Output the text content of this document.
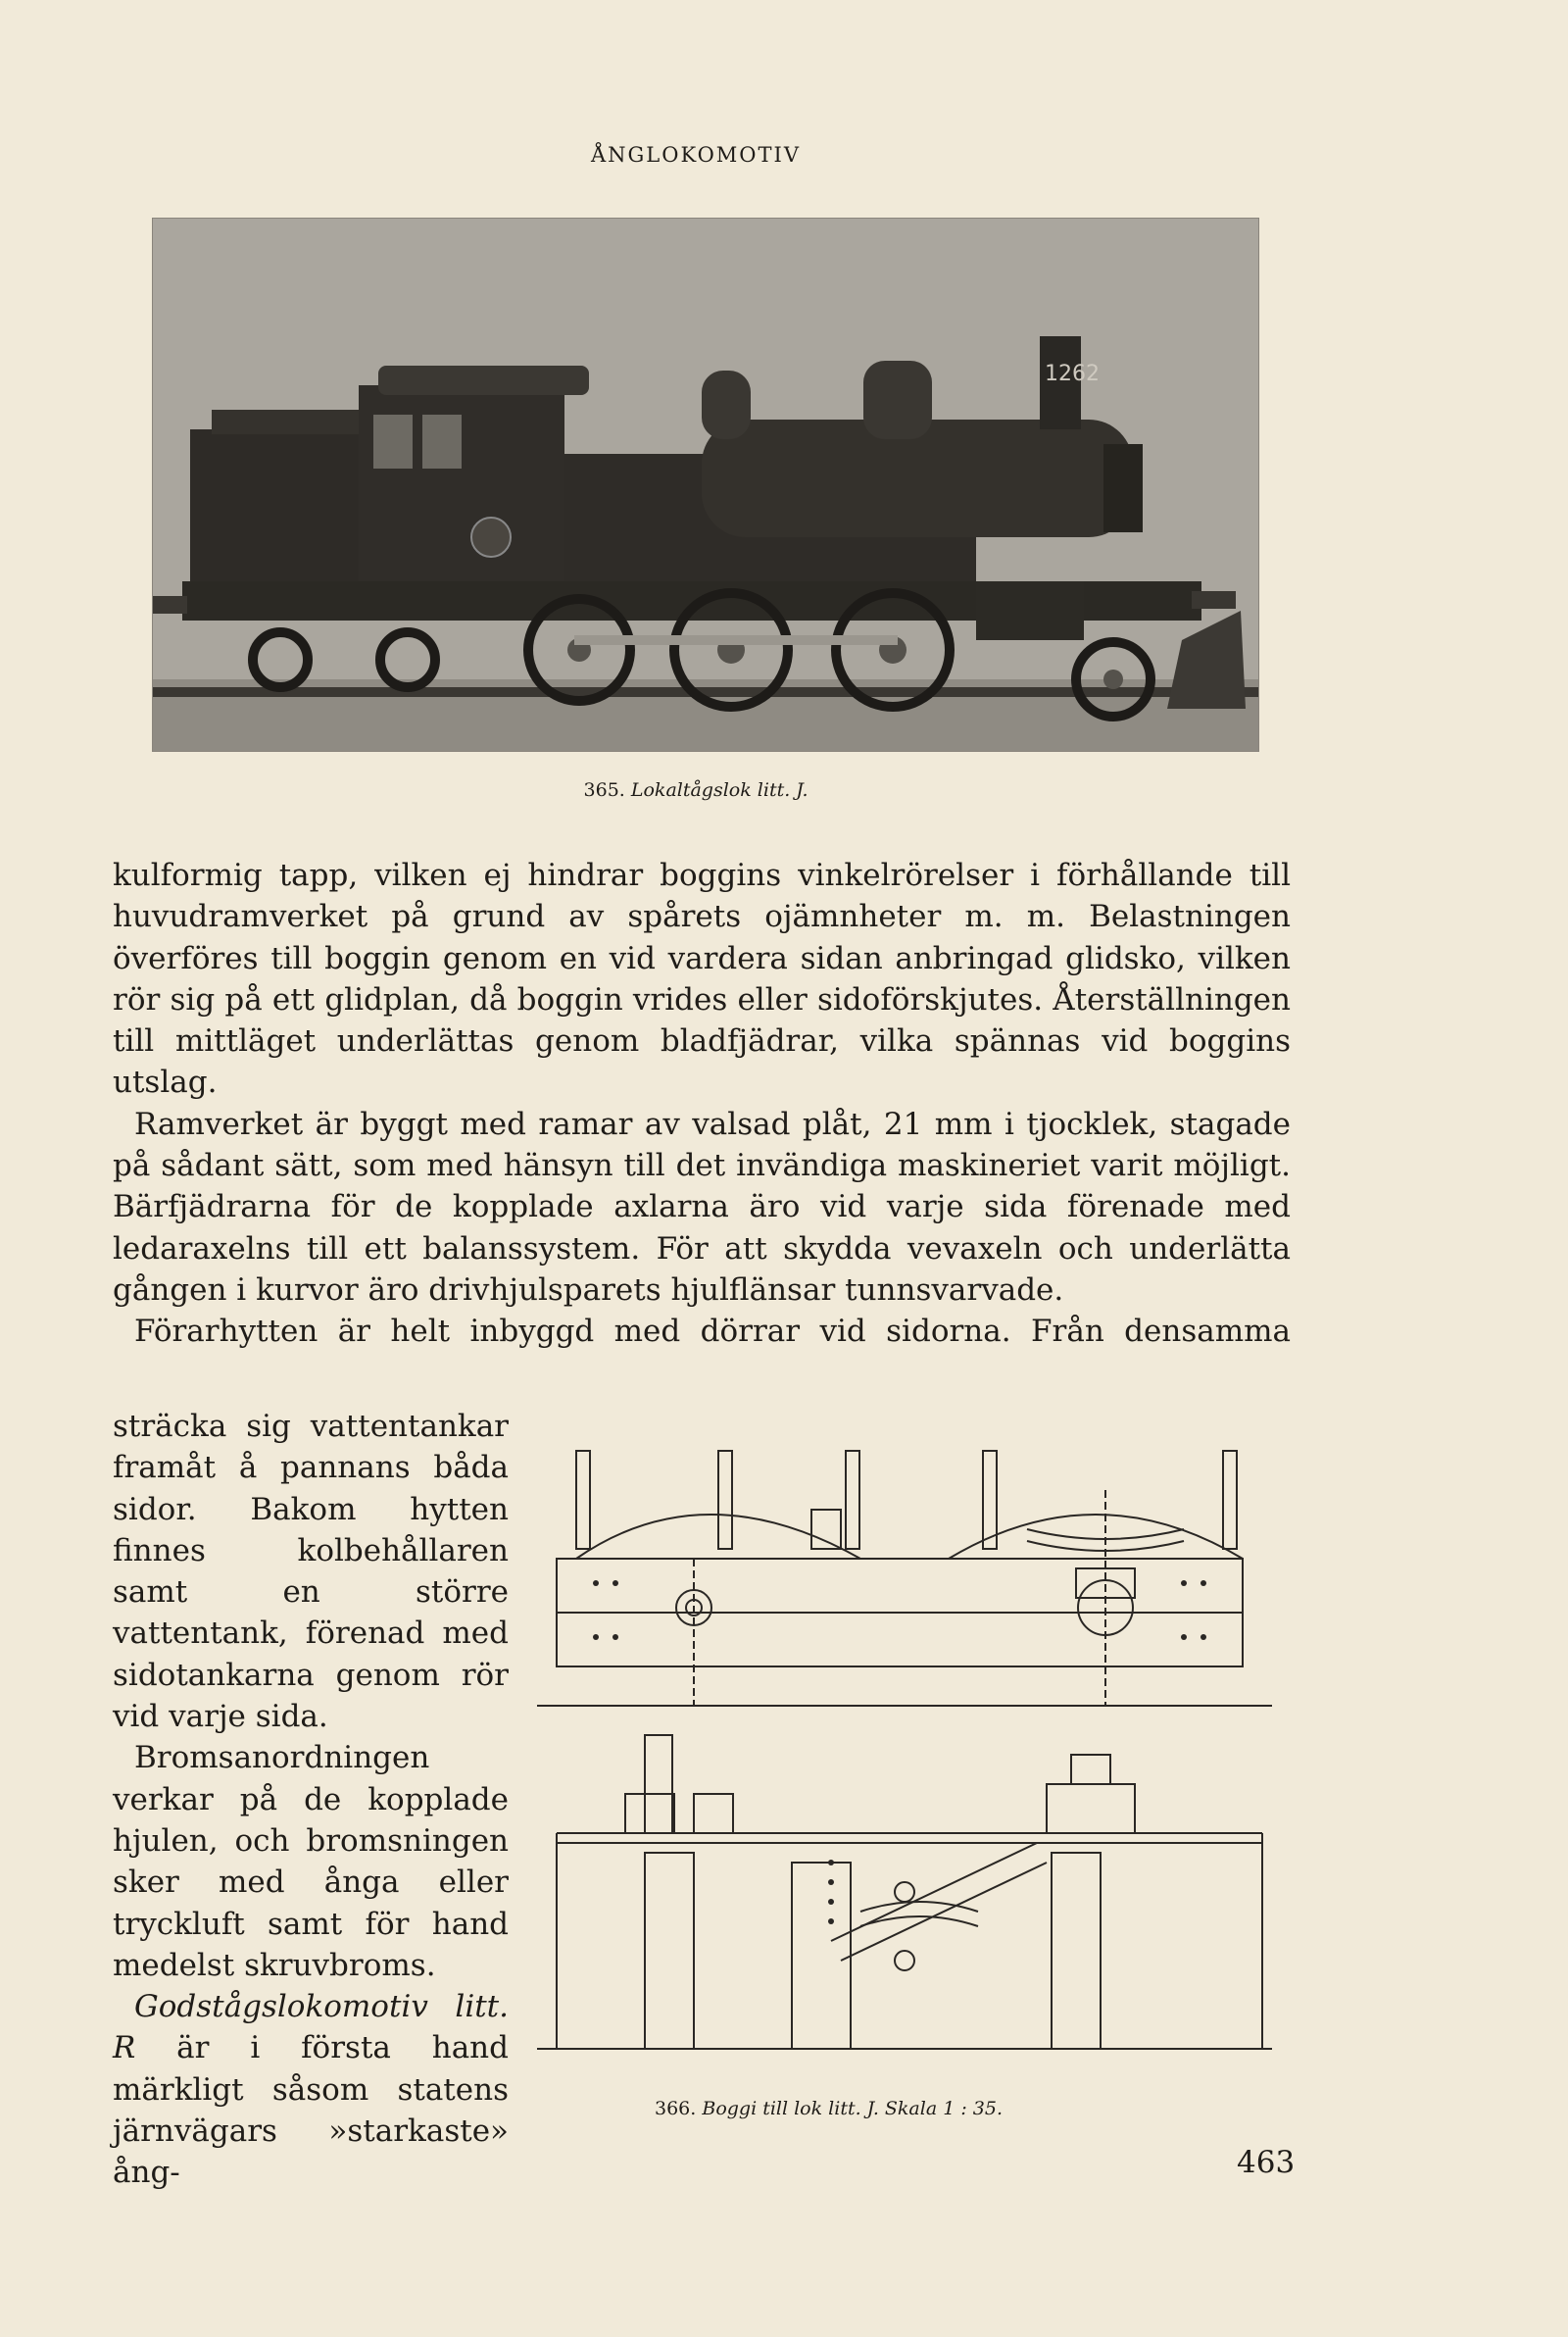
ÅNGLOKOMOTIV
1262
365. Lokaltågslok litt. J.

kulformig tapp, vilken ej hindrar boggins vinkelrörelser i förhållande till huvudramverket på grund av spårets ojämnheter m. m. Belastningen överföres till boggin genom en vid vardera sidan anbringad glidsko, vilken rör sig på ett glidplan, då boggin vrides eller sidoförskjutes. Återställningen till mittläget underlättas genom bladfjädrar, vilka spännas vid boggins utslag.

Ramverket är byggt med ramar av valsad plåt, 21 mm i tjocklek, stagade på sådant sätt, som med hänsyn till det invändiga maskineriet varit möjligt. Bärfjädrarna för de kopplade axlarna äro vid varje sida förenade med ledaraxelns till ett balanssystem. För att skydda vevaxeln och underlätta gången i kurvor äro drivhjulsparets hjulflänsar tunnsvarvade.

Förarhytten är helt inbyggd med dörrar vid sidorna. Från densamma

sträcka sig vattentankar framåt å pannans båda sidor. Bakom hytten finnes kolbehållaren samt en större vattentank, förenad med sidotankarna genom rör vid varje sida.

Bromsanordningen verkar på de kopplade hjulen, och bromsningen sker med ånga eller tryckluft samt för hand medelst skruvbroms.

Godstågslokomotiv litt. R är i första hand märkligt såsom statens järnvägars »starkaste» ång-

366. Boggi till lok litt. J. Skala 1 : 35.
463
